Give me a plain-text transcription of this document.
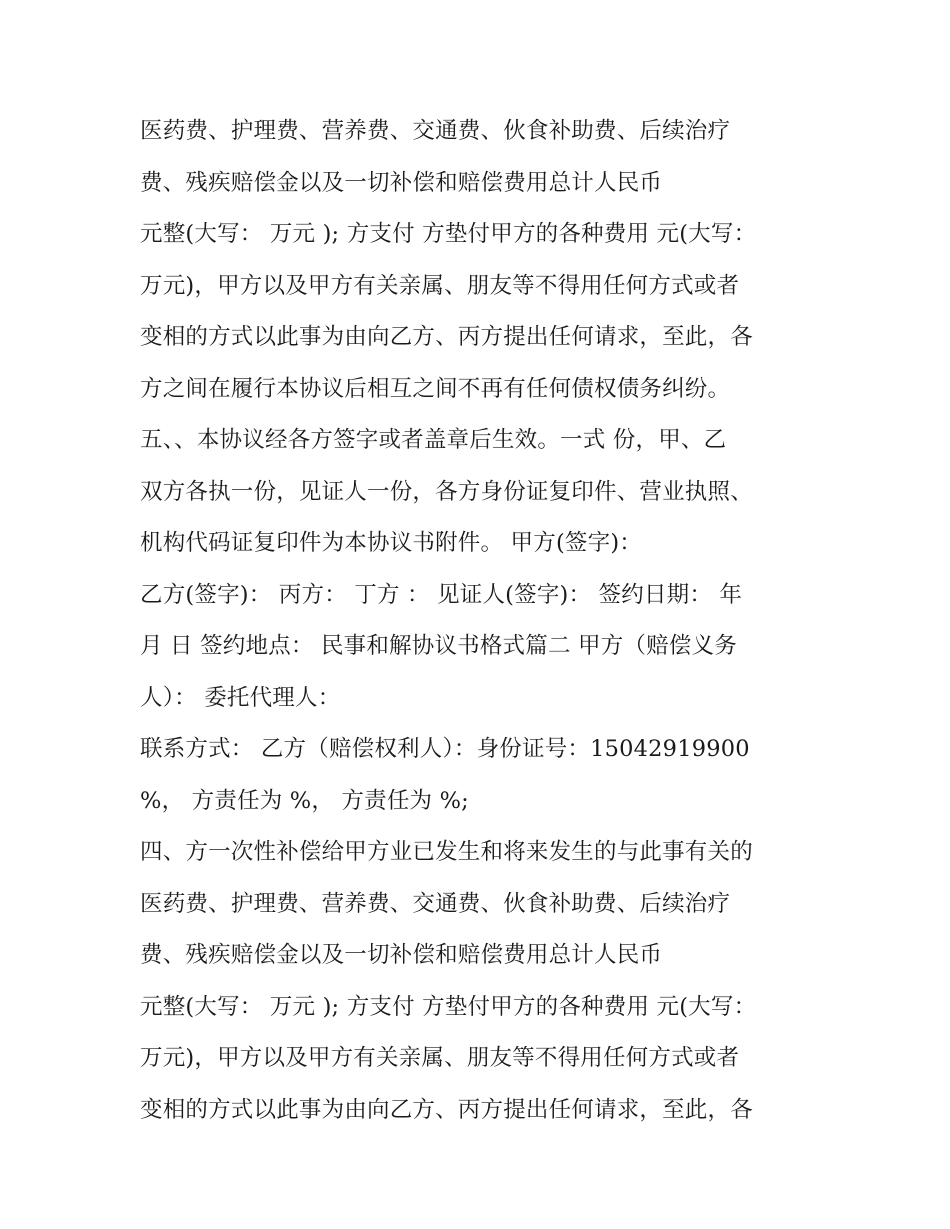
医药费、护理费、营养费、交通费、伙食补助费、后续治疗
费、残疾赔偿金以及一切补偿和赔偿费用总计人民币
元整(大写： 万元 ); 方支付 方垫付甲方的各种费用 元(大写：
万元)，甲方以及甲方有关亲属、朋友等不得用任何方式或者
变相的方式以此事为由向乙方、丙方提出任何请求，至此，各
方之间在履行本协议后相互之间不再有任何债权债务纠纷。
五、、本协议经各方签字或者盖章后生效。一式 份，甲、乙
双方各执一份，见证人一份，各方身份证复印件、营业执照、
机构代码证复印件为本协议书附件。 甲方(签字)：
乙方(签字)： 丙方： 丁方 ： 见证人(签字)： 签约日期： 年
月 日 签约地点： 民事和解协议书格式篇二 甲方（赔偿义务
人）： 委托代理人：
联系方式： 乙方（赔偿权利人）：身份证号：15042919900
%， 方责任为 %， 方责任为 %;
四、方一次性补偿给甲方业已发生和将来发生的与此事有关的
医药费、护理费、营养费、交通费、伙食补助费、后续治疗
费、残疾赔偿金以及一切补偿和赔偿费用总计人民币
元整(大写： 万元 ); 方支付 方垫付甲方的各种费用 元(大写：
万元)，甲方以及甲方有关亲属、朋友等不得用任何方式或者
变相的方式以此事为由向乙方、丙方提出任何请求，至此，各
